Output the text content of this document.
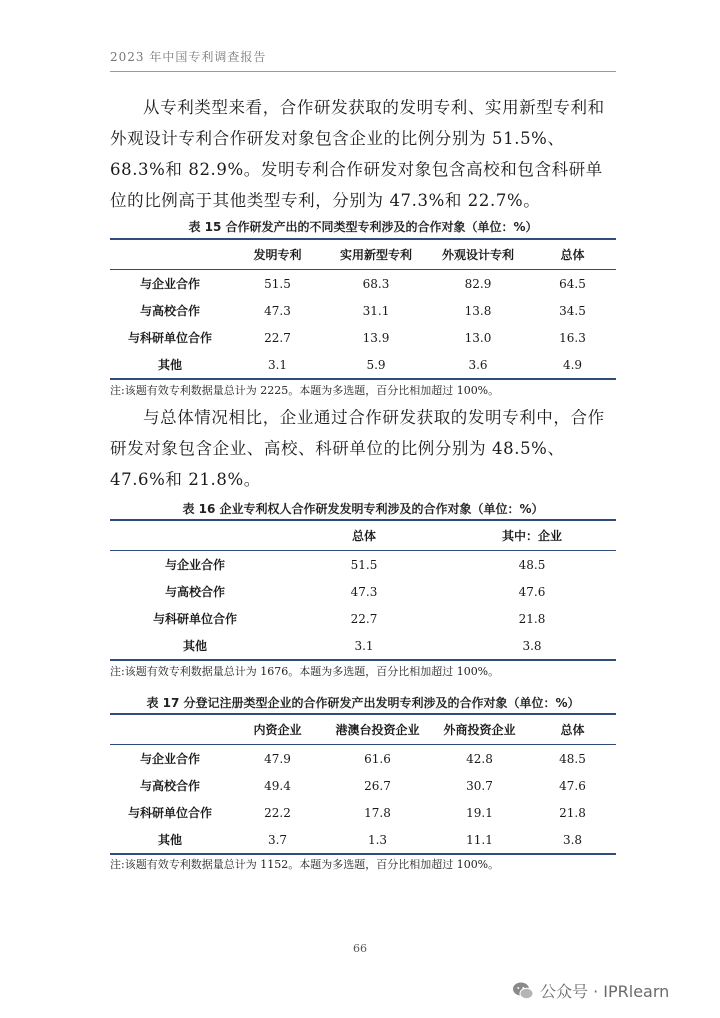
2023 年中国专利调查报告

从专利类型来看，合作研发获取的发明专利、实用新型专利和外观设计专利合作研发对象包含企业的比例分别为 51.5%、68.3%和 82.9%。发明专利合作研发对象包含高校和包含科研单位的比例高于其他类型专利，分别为 47.3%和 22.7%。

表 15 合作研发产出的不同类型专利涉及的合作对象（单位：%）
	发明专利	实用新型专利	外观设计专利	总体
与企业合作	51.5	68.3	82.9	64.5
与高校合作	47.3	31.1	13.8	34.5
与科研单位合作	22.7	13.9	13.0	16.3
其他	3.1	5.9	3.6	4.9
注:该题有效专利数据量总计为 2225。本题为多选题，百分比相加超过 100%。

与总体情况相比，企业通过合作研发获取的发明专利中，合作研发对象包含企业、高校、科研单位的比例分别为 48.5%、47.6%和 21.8%。

表 16 企业专利权人合作研发发明专利涉及的合作对象（单位：%）
	总体	其中：企业
与企业合作	51.5	48.5
与高校合作	47.3	47.6
与科研单位合作	22.7	21.8
其他	3.1	3.8
注:该题有效专利数据量总计为 1676。本题为多选题，百分比相加超过 100%。
表 17 分登记注册类型企业的合作研发产出发明专利涉及的合作对象（单位：%）
	内资企业	港澳台投资企业	外商投资企业	总体
与企业合作	47.9	61.6	42.8	48.5
与高校合作	49.4	26.7	30.7	47.6
与科研单位合作	22.2	17.8	19.1	21.8
其他	3.7	1.3	11.1	3.8
注:该题有效专利数据量总计为 1152。本题为多选题，百分比相加超过 100%。
66
公众号 · IPRlearn
